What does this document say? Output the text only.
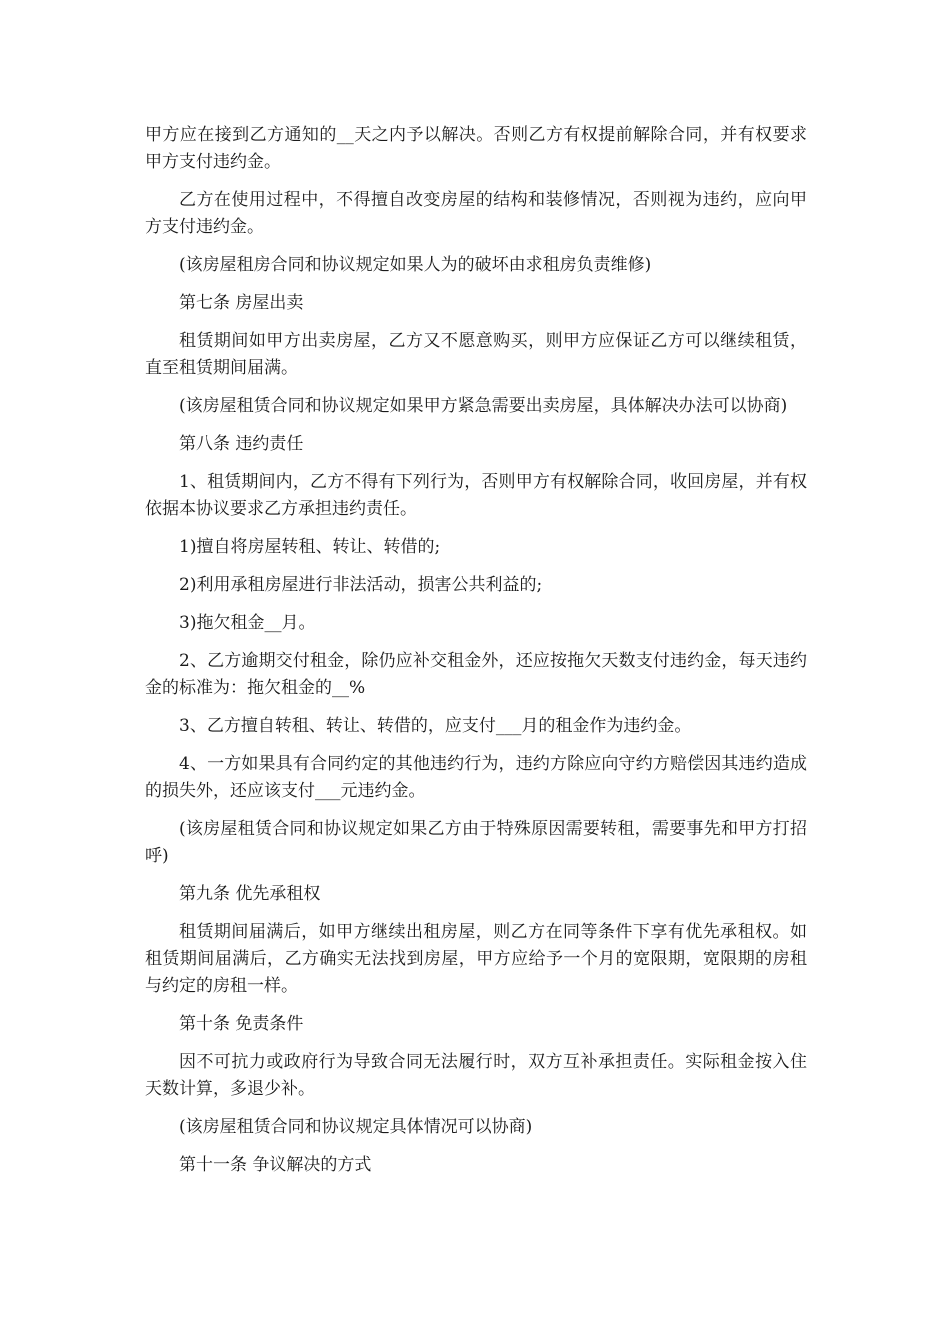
甲方应在接到乙方通知的__天之内予以解决。否则乙方有权提前解除合同，并有权要求甲方支付违约金。

乙方在使用过程中，不得擅自改变房屋的结构和装修情况，否则视为违约，应向甲方支付违约金。

(该房屋租房合同和协议规定如果人为的破坏由求租房负责维修)

第七条 房屋出卖

租赁期间如甲方出卖房屋，乙方又不愿意购买，则甲方应保证乙方可以继续租赁，直至租赁期间届满。

(该房屋租赁合同和协议规定如果甲方紧急需要出卖房屋，具体解决办法可以协商)

第八条 违约责任

1、租赁期间内，乙方不得有下列行为，否则甲方有权解除合同，收回房屋，并有权依据本协议要求乙方承担违约责任。

1)擅自将房屋转租、转让、转借的;

2)利用承租房屋进行非法活动，损害公共利益的;

3)拖欠租金__月。

2、乙方逾期交付租金，除仍应补交租金外，还应按拖欠天数支付违约金，每天违约金的标准为：拖欠租金的__%

3、乙方擅自转租、转让、转借的，应支付___月的租金作为违约金。

4、一方如果具有合同约定的其他违约行为，违约方除应向守约方赔偿因其违约造成的损失外，还应该支付___元违约金。

(该房屋租赁合同和协议规定如果乙方由于特殊原因需要转租，需要事先和甲方打招呼)

第九条 优先承租权

租赁期间届满后，如甲方继续出租房屋，则乙方在同等条件下享有优先承租权。如租赁期间届满后，乙方确实无法找到房屋，甲方应给予一个月的宽限期，宽限期的房租与约定的房租一样。

第十条 免责条件

因不可抗力或政府行为导致合同无法履行时，双方互补承担责任。实际租金按入住天数计算，多退少补。

(该房屋租赁合同和协议规定具体情况可以协商)

第十一条 争议解决的方式
